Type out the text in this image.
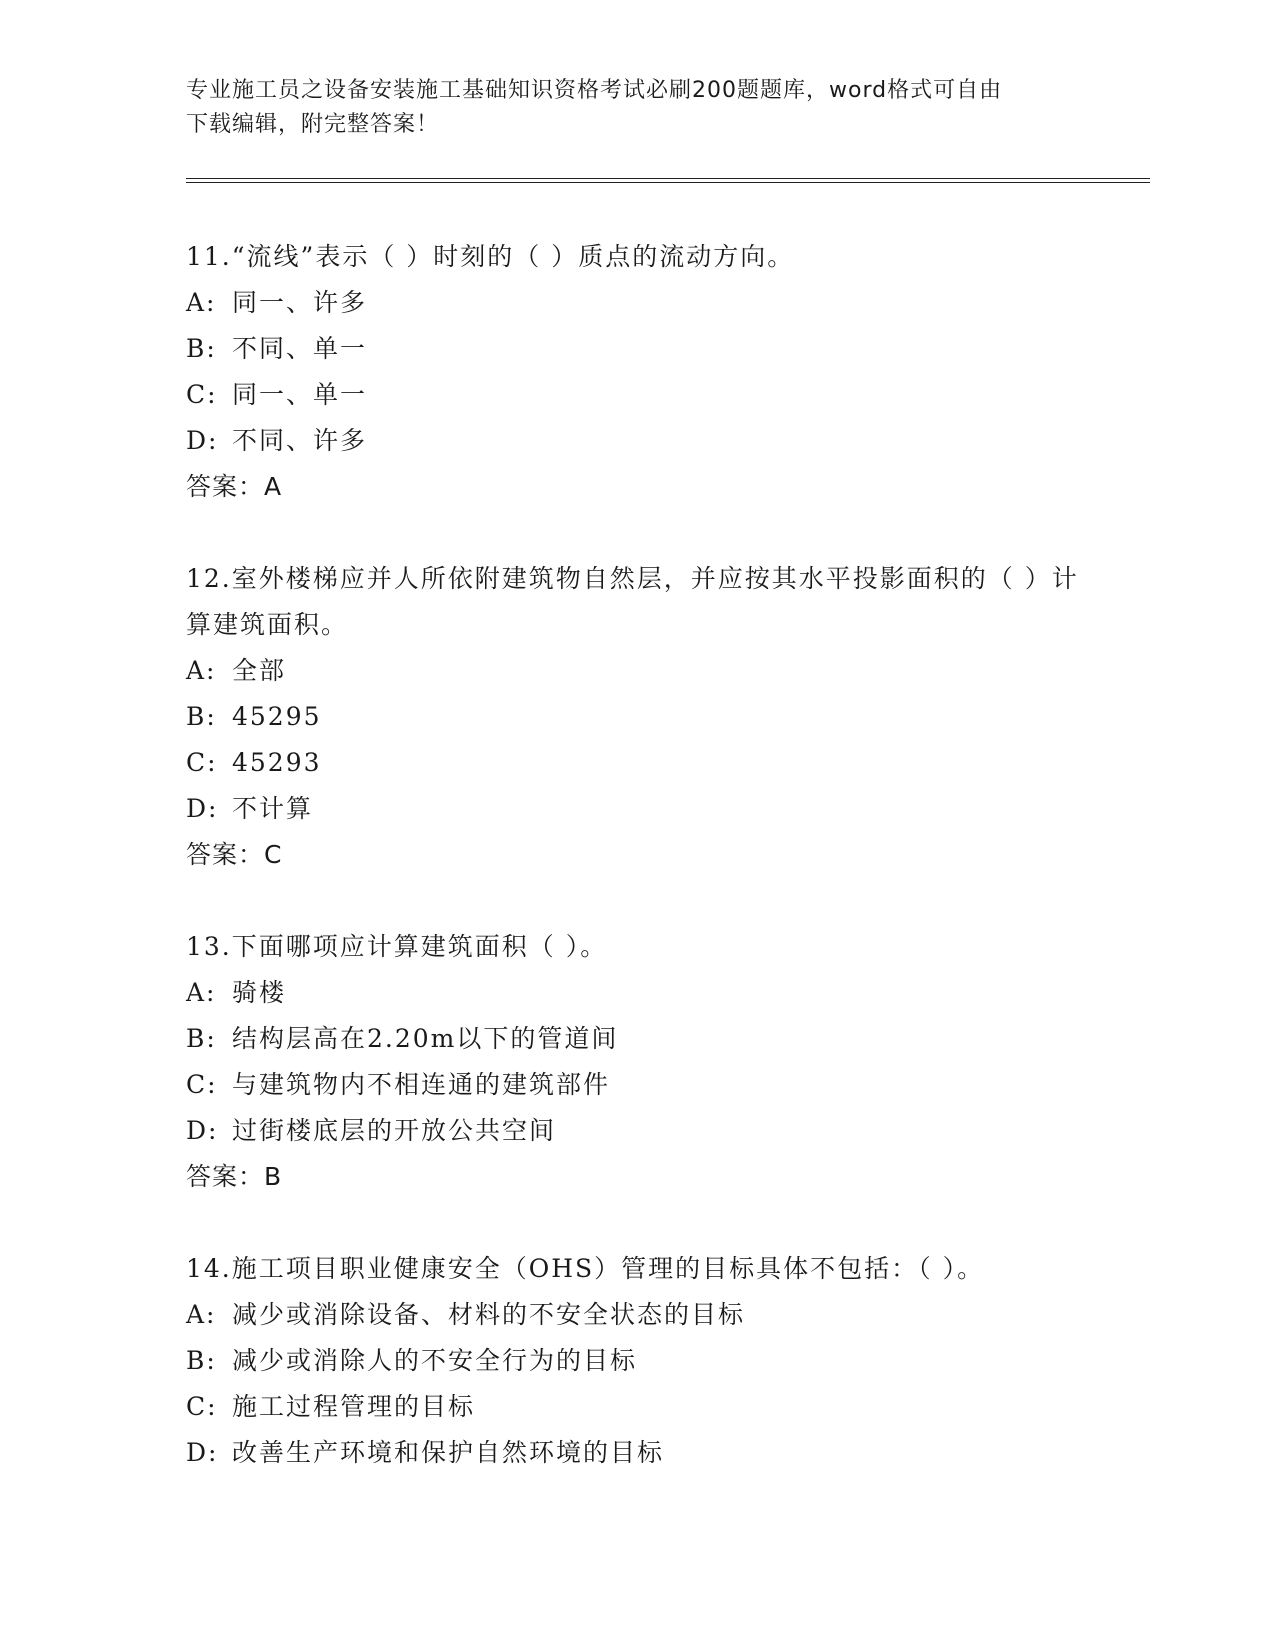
专业施工员之设备安装施工基础知识资格考试必刷200题题库，word格式可自由
下载编辑，附完整答案！

11.“流线”表示（ ）时刻的（ ）质点的流动方向。

A: 同一、许多

B: 不同、单一

C: 同一、单一

D: 不同、许多

答案：A

12.室外楼梯应并人所依附建筑物自然层，并应按其水平投影面积的（ ）计算建筑面积。

A: 全部

B: 45295

C: 45293

D: 不计算

答案：C

13.下面哪项应计算建筑面积（ ）。

A: 骑楼

B: 结构层高在2.20m以下的管道间

C: 与建筑物内不相连通的建筑部件

D: 过街楼底层的开放公共空间

答案：B

14.施工项目职业健康安全（OHS）管理的目标具体不包括：（ ）。

A: 减少或消除设备、材料的不安全状态的目标

B: 减少或消除人的不安全行为的目标

C: 施工过程管理的目标

D: 改善生产环境和保护自然环境的目标
